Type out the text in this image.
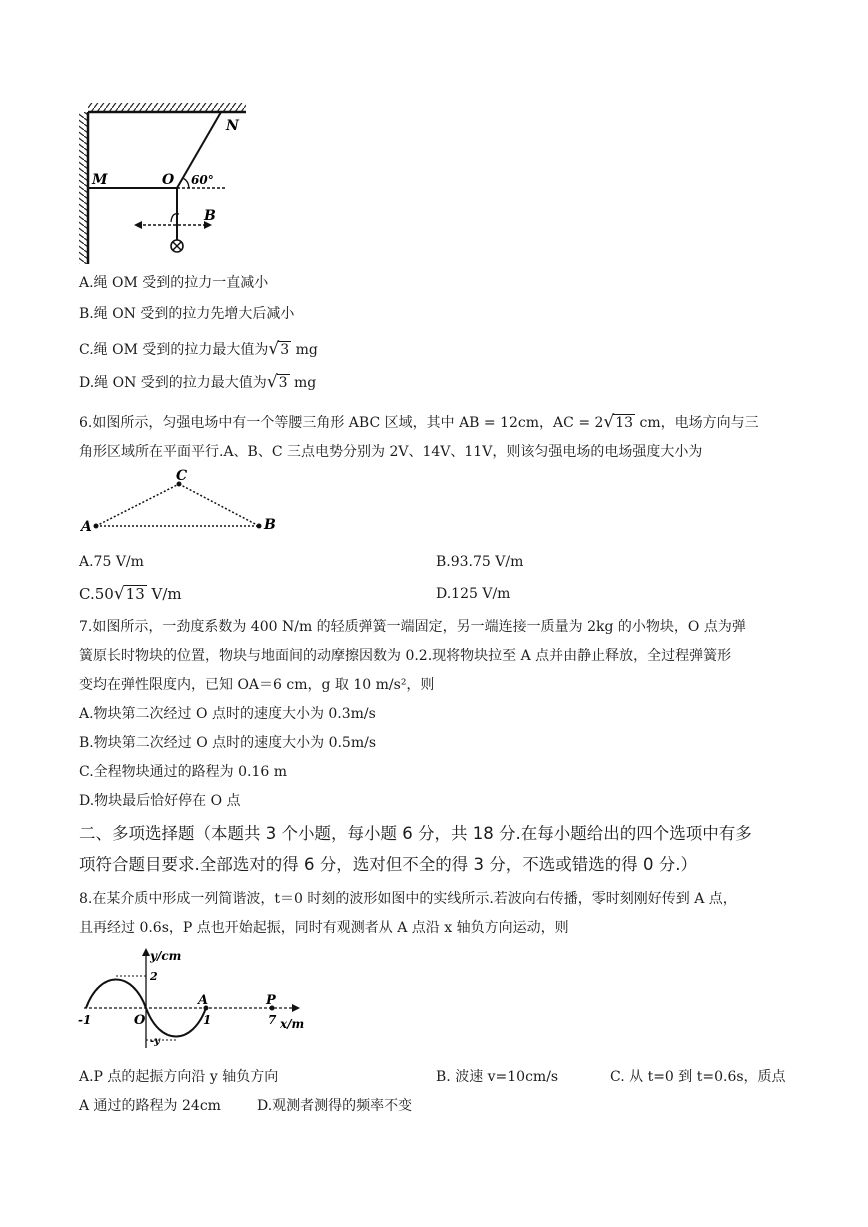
M	O
N
60°
B
A.绳 OM 受到的拉力一直减小
B.绳 ON 受到的拉力先增大后减小
C.绳 OM 受到的拉力最大值为√3 mg
D.绳 ON 受到的拉力最大值为√3 mg
6.如图所示，匀强电场中有一个等腰三角形 ABC 区域，其中 AB = 12cm，AC = 2√13 cm，电场方向与三
角形区域所在平面平行.A、B、C 三点电势分别为 2V、14V、11V，则该匀强电场的电场强度大小为
A	B
C
A.75 V/m	B.93.75 V/m
C.50√13 V/m	D.125 V/m
7.如图所示，一劲度系数为 400 N/m 的轻质弹簧一端固定，另一端连接一质量为 2kg 的小物块，O 点为弹
簧原长时物块的位置，物块与地面间的动摩擦因数为 0.2.现将物块拉至 A 点并由静止释放，全过程弹簧形
变均在弹性限度内，已知 OA＝6 cm，g 取 10 m/s²，则
A.物块第二次经过 O 点时的速度大小为 0.3m/s
B.物块第二次经过 O 点时的速度大小为 0.5m/s
C.全程物块通过的路程为 0.16 m
D.物块最后恰好停在 O 点
二、多项选择题（本题共 3 个小题，每小题 6 分，共 18 分.在每小题给出的四个选项中有多
项符合题目要求.全部选对的得 6 分，选对但不全的得 3 分，不选或错选的得 0 分.）
8.在某介质中形成一列简谐波，t＝0 时刻的波形如图中的实线所示.若波向右传播，零时刻刚好传到 A 点，
且再经过 0.6s，P 点也开始起振，同时有观测者从 A 点沿 x 轴负方向运动，则
y/cm
2
-y
-1	O
A
1
P
7 x/m
A.P 点的起振方向沿 y 轴负方向	B. 波速 v=10cm/s	C. 从 t=0 到 t=0.6s，质点
A 通过的路程为 24cm	D.观测者测得的频率不变
